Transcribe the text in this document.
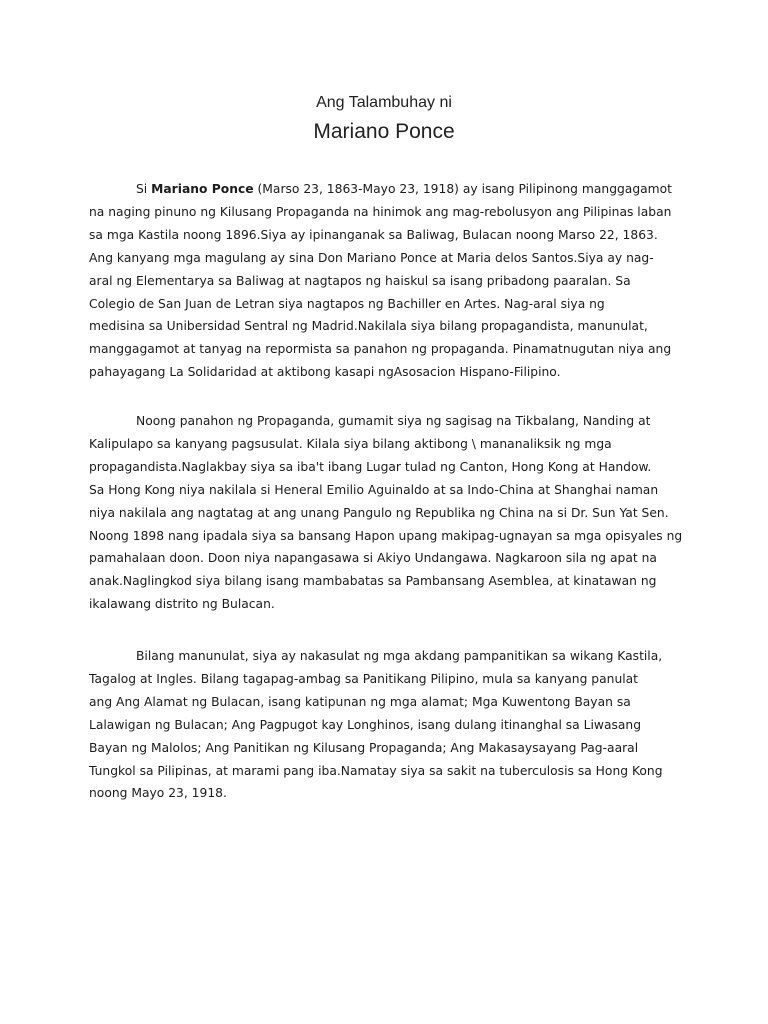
Ang Talambuhay ni
Mariano Ponce
Si Mariano Ponce (Marso 23, 1863-Mayo 23, 1918) ay isang Pilipinong manggagamot
na naging pinuno ng Kilusang Propaganda na hinimok ang mag-rebolusyon ang Pilipinas laban
sa mga Kastila noong 1896.Siya ay ipinanganak sa Baliwag, Bulacan noong Marso 22, 1863.
Ang kanyang mga magulang ay sina Don Mariano Ponce at Maria delos Santos.Siya ay nag-
aral ng Elementarya sa Baliwag at nagtapos ng haiskul sa isang pribadong paaralan. Sa
Colegio de San Juan de Letran siya nagtapos ng Bachiller en Artes. Nag-aral siya ng
medisina sa Unibersidad Sentral ng Madrid.Nakilala siya bilang propagandista, manunulat,
manggagamot at tanyag na repormista sa panahon ng propaganda. Pinamatnugutan niya ang
pahayagang La Solidaridad at aktibong kasapi ngAsosacion Hispano-Filipino.
Noong panahon ng Propaganda, gumamit siya ng sagisag na Tikbalang, Nanding at
Kalipulapo sa kanyang pagsusulat. Kilala siya bilang aktibong \ mananaliksik ng mga
propagandista.Naglakbay siya sa iba't ibang Lugar tulad ng Canton, Hong Kong at Handow.
Sa Hong Kong niya nakilala si Heneral Emilio Aguinaldo at sa Indo-China at Shanghai naman
niya nakilala ang nagtatag at ang unang Pangulo ng Republika ng China na si Dr. Sun Yat Sen.
Noong 1898 nang ipadala siya sa bansang Hapon upang makipag-ugnayan sa mga opisyales ng
pamahalaan doon. Doon niya napangasawa si Akiyo Undangawa. Nagkaroon sila ng apat na
anak.Naglingkod siya bilang isang mambabatas sa Pambansang Asemblea, at kinatawan ng
ikalawang distrito ng Bulacan.
Bilang manunulat, siya ay nakasulat ng mga akdang pampanitikan sa wikang Kastila,
Tagalog at Ingles. Bilang tagapag-ambag sa Panitikang Pilipino, mula sa kanyang panulat
ang Ang Alamat ng Bulacan, isang katipunan ng mga alamat; Mga Kuwentong Bayan sa
Lalawigan ng Bulacan; Ang Pagpugot kay Longhinos, isang dulang itinanghal sa Liwasang
Bayan ng Malolos; Ang Panitikan ng Kilusang Propaganda; Ang Makasaysayang Pag-aaral
Tungkol sa Pilipinas, at marami pang iba.Namatay siya sa sakit na tuberculosis sa Hong Kong
noong Mayo 23, 1918.
